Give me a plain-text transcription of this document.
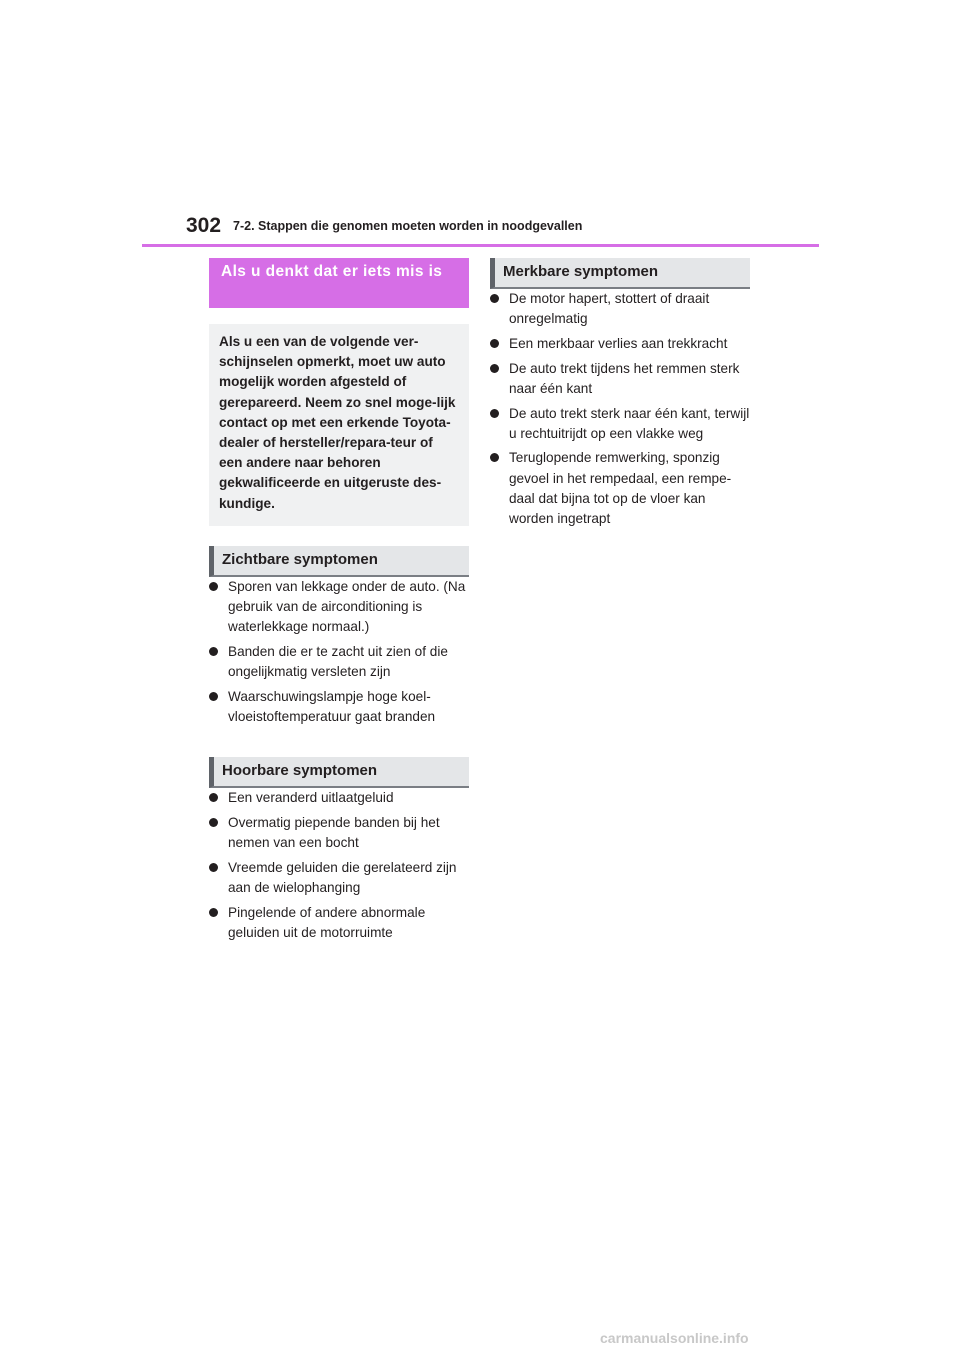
302 7-2. Stappen die genomen moeten worden in noodgevallen
Als u denkt dat er iets mis is
Als u een van de volgende ver-schijnselen opmerkt, moet uw auto mogelijk worden afgesteld of gerepareerd. Neem zo snel moge-lijk contact op met een erkende Toyota-dealer of hersteller/repara-teur of een andere naar behoren gekwalificeerde en uitgeruste des-kundige.
Zichtbare symptomen
Sporen van lekkage onder de auto. (Na gebruik van de airconditioning is waterlekkage normaal.)
Banden die er te zacht uit zien of die ongelijkmatig versleten zijn
Waarschuwingslampje hoge koel-vloeistoftemperatuur gaat branden
Hoorbare symptomen
Een veranderd uitlaatgeluid
Overmatig piepende banden bij het nemen van een bocht
Vreemde geluiden die gerelateerd zijn aan de wielophanging
Pingelende of andere abnormale geluiden uit de motorruimte
Merkbare symptomen
De motor hapert, stottert of draait onregelmatig
Een merkbaar verlies aan trekkracht
De auto trekt tijdens het remmen sterk naar één kant
De auto trekt sterk naar één kant, terwijl u rechtuitrijdt op een vlakke weg
Teruglopende remwerking, sponzig gevoel in het rempedaal, een rempe-daal dat bijna tot op de vloer kan worden ingetrapt
carmanualsonline.info
